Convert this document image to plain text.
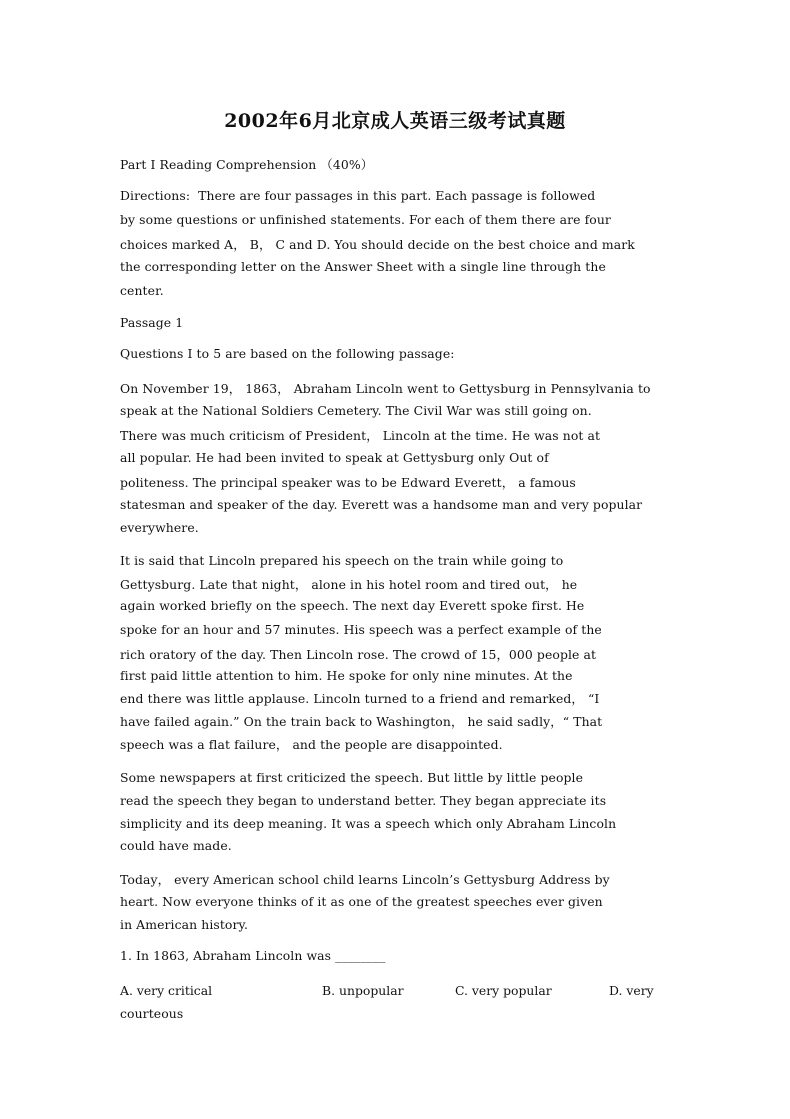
2002年6月北京成人英语三级考试真题
Part I Reading Comprehension （40%）
Directions:  There are four passages in this part. Each passage is followed
by some questions or unfinished statements. For each of them there are four
choices marked A， B， C and D. You should decide on the best choice and mark
the corresponding letter on the Answer Sheet with a single line through the
center.
Passage 1
Questions I to 5 are based on the following passage:
On November 19， 1863， Abraham Lincoln went to Gettysburg in Pennsylvania to
speak at the National Soldiers Cemetery. The Civil War was still going on.
There was much criticism of President， Lincoln at the time. He was not at
all popular. He had been invited to speak at Gettysburg only Out of
politeness. The principal speaker was to be Edward Everett， a famous
statesman and speaker of the day. Everett was a handsome man and very popular
everywhere.
It is said that Lincoln prepared his speech on the train while going to
Gettysburg. Late that night， alone in his hotel room and tired out， he
again worked briefly on the speech. The next day Everett spoke first. He
spoke for an hour and 57 minutes. His speech was a perfect example of the
rich oratory of the day. Then Lincoln rose. The crowd of 15，000 people at
first paid little attention to him. He spoke for only nine minutes. At the
end there was little applause. Lincoln turned to a friend and remarked， “I
have failed again.” On the train back to Washington， he said sadly，“ That
speech was a flat failure， and the people are disappointed.
Some newspapers at first criticized the speech. But little by little people
read the speech they began to understand better. They began appreciate its
simplicity and its deep meaning. It was a speech which only Abraham Lincoln
could have made.
Today， every American school child learns Lincoln’s Gettysburg Address by
heart. Now everyone thinks of it as one of the greatest speeches ever given
in American history.
1. In 1863, Abraham Lincoln was ________
A. very critical	B. unpopular	C. very popular	D. very
courteous
